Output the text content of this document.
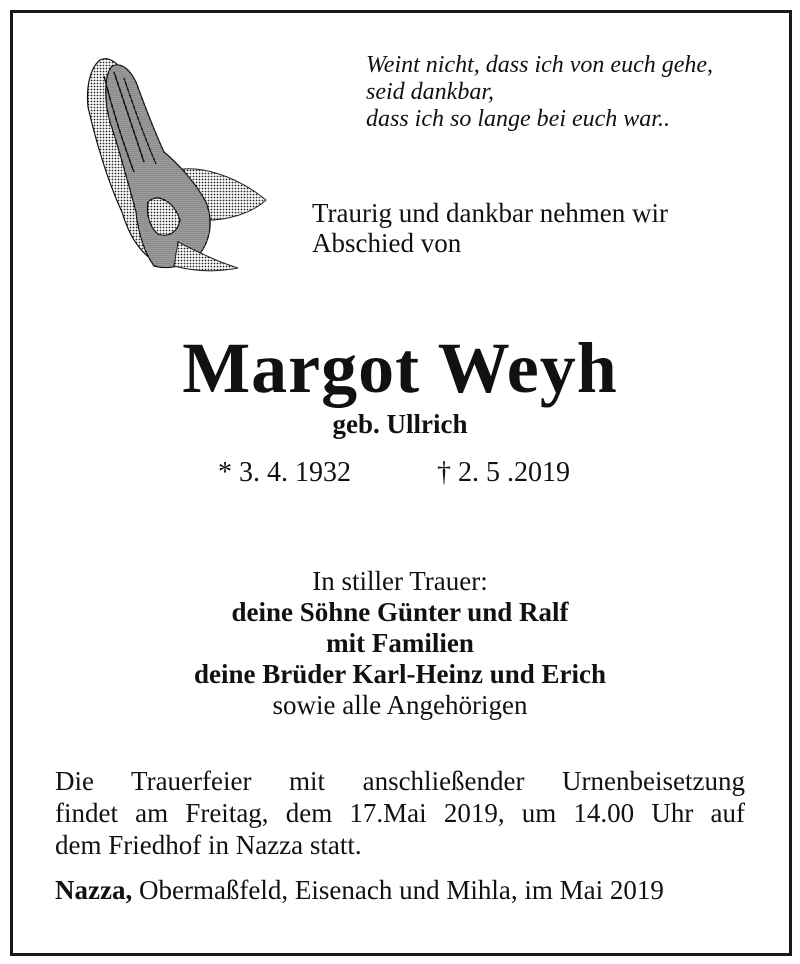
Weint nicht, dass ich von euch gehe,
seid dankbar,
dass ich so lange bei euch war..
Traurig und dankbar nehmen wir
Abschied von
Margot Weyh
geb. Ullrich
* 3. 4. 1932	† 2. 5 .2019
In stiller Trauer:
deine Söhne Günter und Ralf
mit Familien
deine Brüder Karl-Heinz und Erich
sowie alle Angehörigen
Die Trauerfeier mit anschließender Urnenbeisetzung
findet am Freitag, dem 17.Mai 2019, um 14.00 Uhr auf
dem Friedhof in Nazza statt.
Nazza, Obermaßfeld, Eisenach und Mihla, im Mai 2019
